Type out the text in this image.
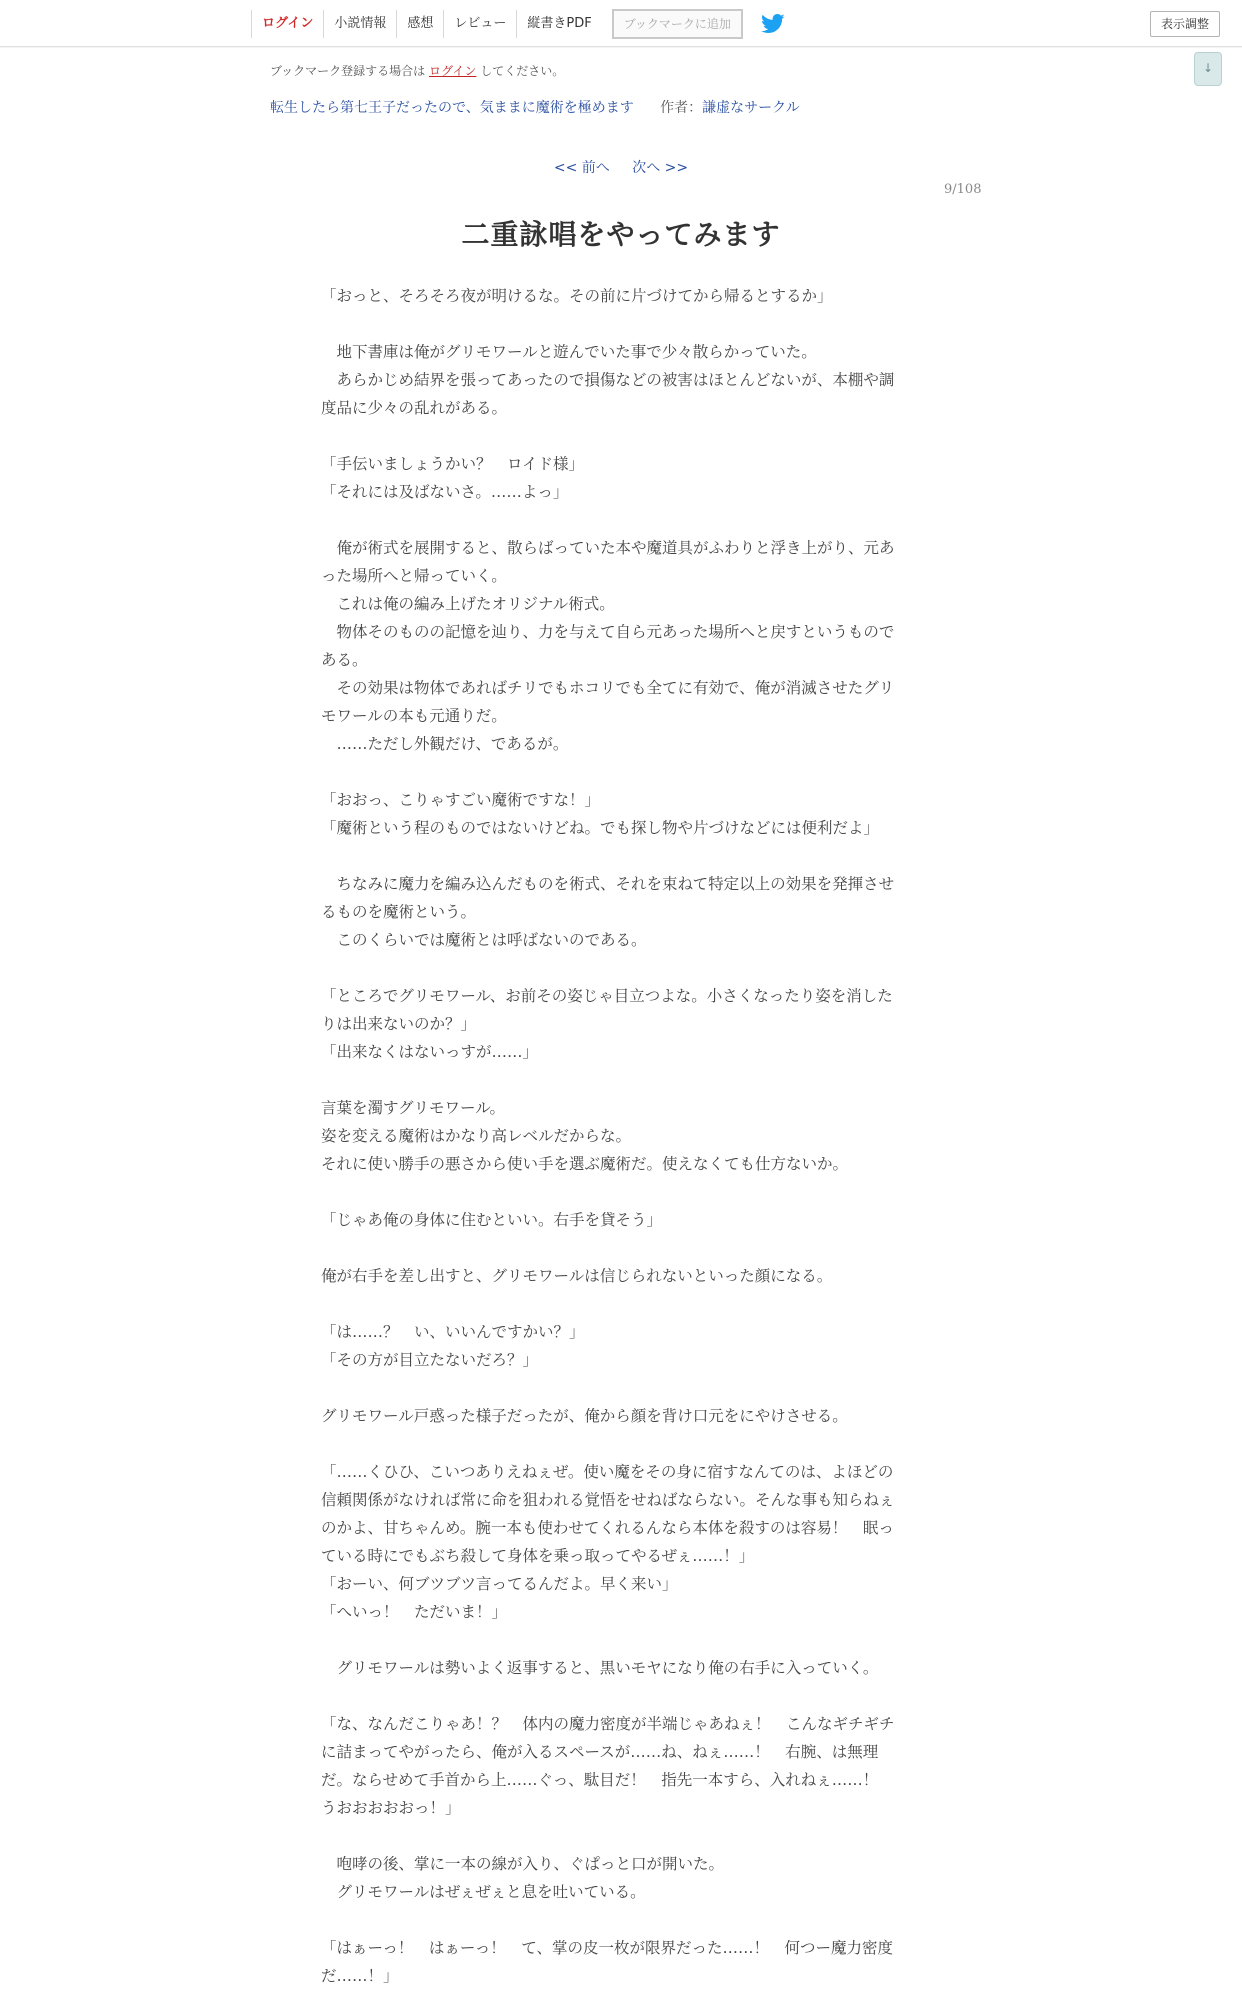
ログイン	小説情報	感想	レビュー	縦書きPDF	ブックマークに追加	表示調整
↓
ブックマーク登録する場合は ログイン してください。
転生したら第七王子だったので、気ままに魔術を極めます 作者：謙虚なサークル
<< 前へ 次へ >>
9/108
二重詠唱をやってみます

「おっと、そろそろ夜が明けるな。その前に片づけてから帰るとするか」

　地下書庫は俺がグリモワールと遊んでいた事で少々散らかっていた。

　あらかじめ結界を張ってあったので損傷などの被害はほとんどないが、本棚や調

度品に少々の乱れがある。

「手伝いましょうかい？　ロイド様」

「それには及ばないさ。……よっ」

　俺が術式を展開すると、散らばっていた本や魔道具がふわりと浮き上がり、元あ

った場所へと帰っていく。

　これは俺の編み上げたオリジナル術式。

　物体そのものの記憶を辿り、力を与えて自ら元あった場所へと戻すというもので

ある。

　その効果は物体であればチリでもホコリでも全てに有効で、俺が消滅させたグリ

モワールの本も元通りだ。

　……ただし外観だけ、であるが。

「おおっ、こりゃすごい魔術ですな！」

「魔術という程のものではないけどね。でも探し物や片づけなどには便利だよ」

　ちなみに魔力を編み込んだものを術式、それを束ねて特定以上の効果を発揮させ

るものを魔術という。

　このくらいでは魔術とは呼ばないのである。

「ところでグリモワール、お前その姿じゃ目立つよな。小さくなったり姿を消した

りは出来ないのか？」

「出来なくはないっすが……」

言葉を濁すグリモワール。

姿を変える魔術はかなり高レベルだからな。

それに使い勝手の悪さから使い手を選ぶ魔術だ。使えなくても仕方ないか。

「じゃあ俺の身体に住むといい。右手を貸そう」

俺が右手を差し出すと、グリモワールは信じられないといった顔になる。

「は……？　い、いいんですかい？」

「その方が目立たないだろ？」

グリモワール戸惑った様子だったが、俺から顔を背け口元をにやけさせる。

「……くひひ、こいつありえねぇぜ。使い魔をその身に宿すなんてのは、よほどの

信頼関係がなければ常に命を狙われる覚悟をせねばならない。そんな事も知らねぇ

のかよ、甘ちゃんめ。腕一本も使わせてくれるんなら本体を殺すのは容易！　眠っ

ている時にでもぶち殺して身体を乗っ取ってやるぜぇ……！」

「おーい、何ブツブツ言ってるんだよ。早く来い」

「へいっ！　ただいま！」

　グリモワールは勢いよく返事すると、黒いモヤになり俺の右手に入っていく。

「な、なんだこりゃあ！？　体内の魔力密度が半端じゃあねぇ！　こんなギチギチ

に詰まってやがったら、俺が入るスペースが……ね、ねぇ……！　右腕、は無理

だ。ならせめて手首から上……ぐっ、駄目だ！　指先一本すら、入れねぇ……！

うおおおおおっ！」

　咆哮の後、掌に一本の線が入り、ぐぱっと口が開いた。

　グリモワールはぜぇぜぇと息を吐いている。

「はぁーっ！　はぁーっ！　て、掌の皮一枚が限界だった……！　何つー魔力密度

だ……！」
